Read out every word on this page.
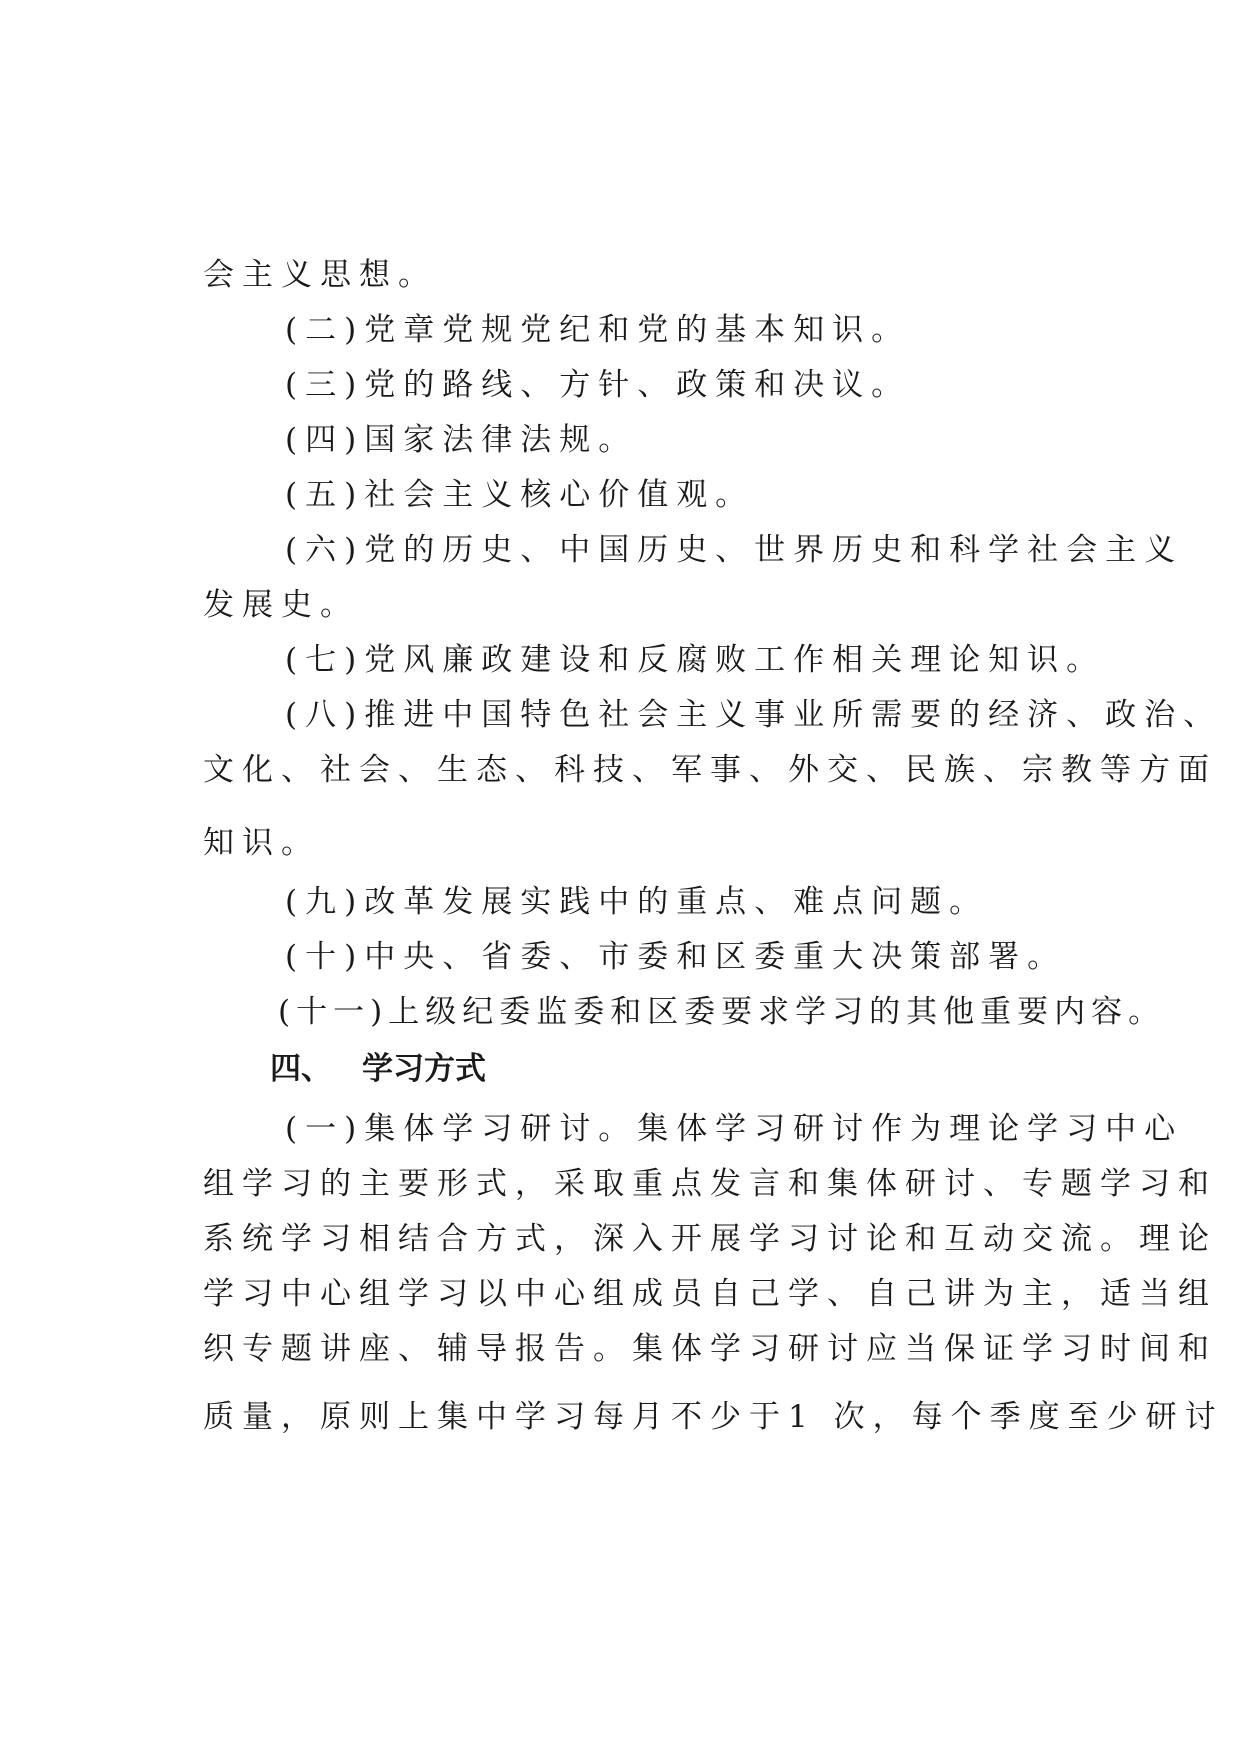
会主义思想。
(二)党章党规党纪和党的基本知识。
(三)党的路线、方针、政策和决议。
(四)国家法律法规。
(五)社会主义核心价值观。
(六)党的历史、中国历史、世界历史和科学社会主义
发展史。
(七)党风廉政建设和反腐败工作相关理论知识。
(八)推进中国特色社会主义事业所需要的经济、政治、
文化、社会、生态、科技、军事、外交、民族、宗教等方面
知识。
(九)改革发展实践中的重点、难点问题。
(十)中央、省委、市委和区委重大决策部署。
(十一)上级纪委监委和区委要求学习的其他重要内容。
四、 学习方式
(一)集体学习研讨。集体学习研讨作为理论学习中心
组学习的主要形式，采取重点发言和集体研讨、专题学习和
系统学习相结合方式，深入开展学习讨论和互动交流。理论
学习中心组学习以中心组成员自己学、自己讲为主，适当组
织专题讲座、辅导报告。集体学习研讨应当保证学习时间和
质量，原则上集中学习每月不少于1 次，每个季度至少研讨
